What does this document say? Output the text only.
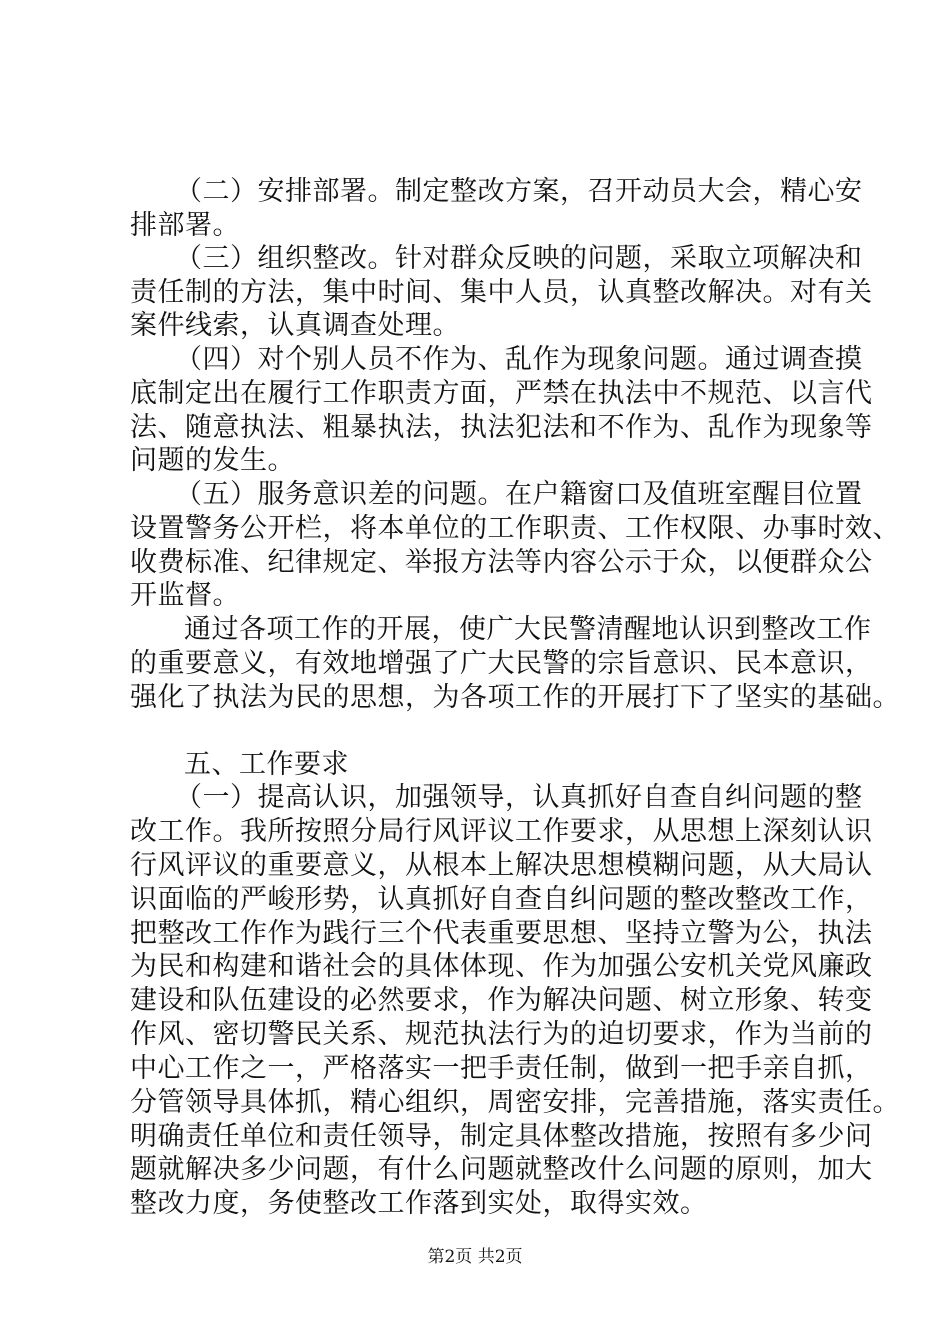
（二）安排部署。制定整改方案，召开动员大会，精心安
排部署。
（三）组织整改。针对群众反映的问题，采取立项解决和
责任制的方法，集中时间、集中人员，认真整改解决。对有关
案件线索，认真调查处理。
（四）对个别人员不作为、乱作为现象问题。通过调查摸
底制定出在履行工作职责方面，严禁在执法中不规范、以言代
法、随意执法、粗暴执法，执法犯法和不作为、乱作为现象等
问题的发生。
（五）服务意识差的问题。在户籍窗口及值班室醒目位置
设置警务公开栏，将本单位的工作职责、工作权限、办事时效、
收费标准、纪律规定、举报方法等内容公示于众，以便群众公
开监督。
通过各项工作的开展，使广大民警清醒地认识到整改工作
的重要意义，有效地增强了广大民警的宗旨意识、民本意识，
强化了执法为民的思想，为各项工作的开展打下了坚实的基础。
五、工作要求
（一）提高认识，加强领导，认真抓好自查自纠问题的整
改工作。我所按照分局行风评议工作要求，从思想上深刻认识
行风评议的重要意义，从根本上解决思想模糊问题，从大局认
识面临的严峻形势，认真抓好自查自纠问题的整改整改工作，
把整改工作作为践行三个代表重要思想、坚持立警为公，执法
为民和构建和谐社会的具体体现、作为加强公安机关党风廉政
建设和队伍建设的必然要求，作为解决问题、树立形象、转变
作风、密切警民关系、规范执法行为的迫切要求，作为当前的
中心工作之一，严格落实一把手责任制，做到一把手亲自抓，
分管领导具体抓，精心组织，周密安排，完善措施，落实责任。
明确责任单位和责任领导，制定具体整改措施，按照有多少问
题就解决多少问题，有什么问题就整改什么问题的原则，加大
整改力度，务使整改工作落到实处，取得实效。
第2页 共2页
